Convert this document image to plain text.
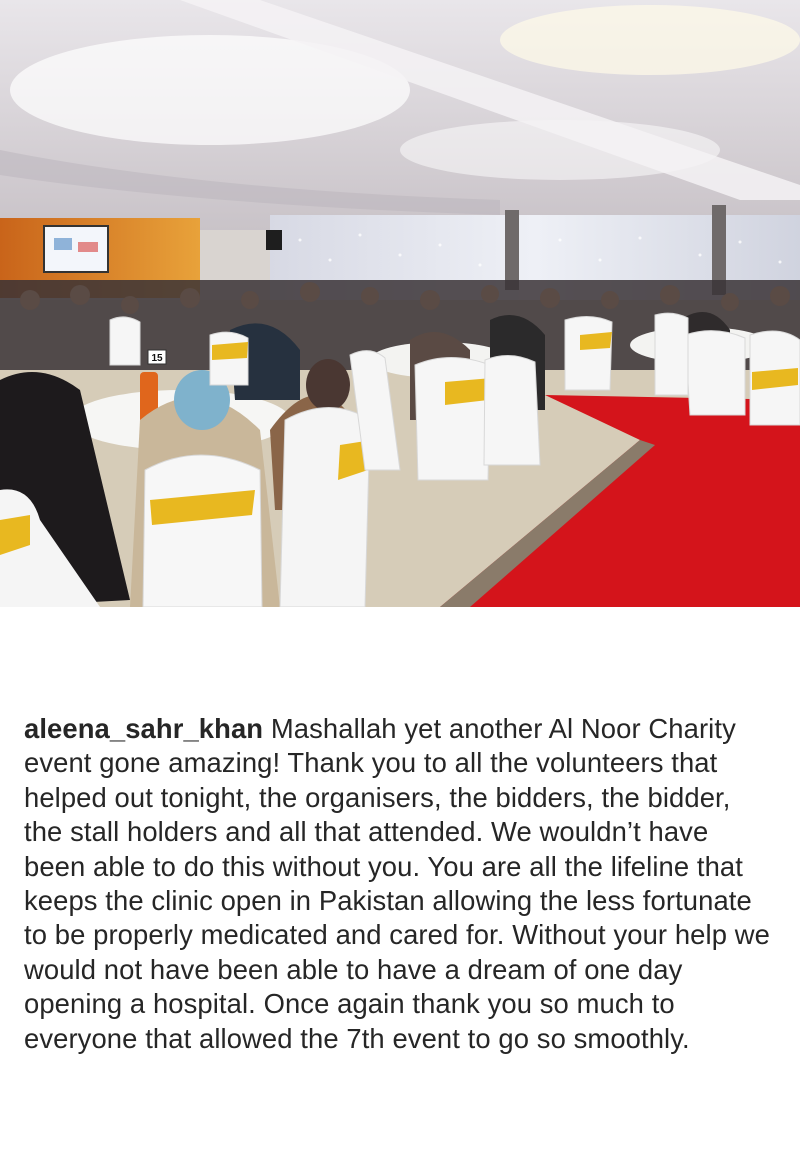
15
aleena_sahr_khan Mashallah yet another Al Noor Charity event gone amazing! Thank you to all the volunteers that helped out tonight, the organisers, the bidders, the bidder, the stall holders and all that attended. We wouldn’t have been able to do this without you. You are all the lifeline that keeps the clinic open in Pakistan allowing the less fortunate to be properly medicated and cared for. Without your help we would not have been able to have a dream of one day opening a hospital. Once again thank you so much to everyone that allowed the 7th event to go so smoothly.
